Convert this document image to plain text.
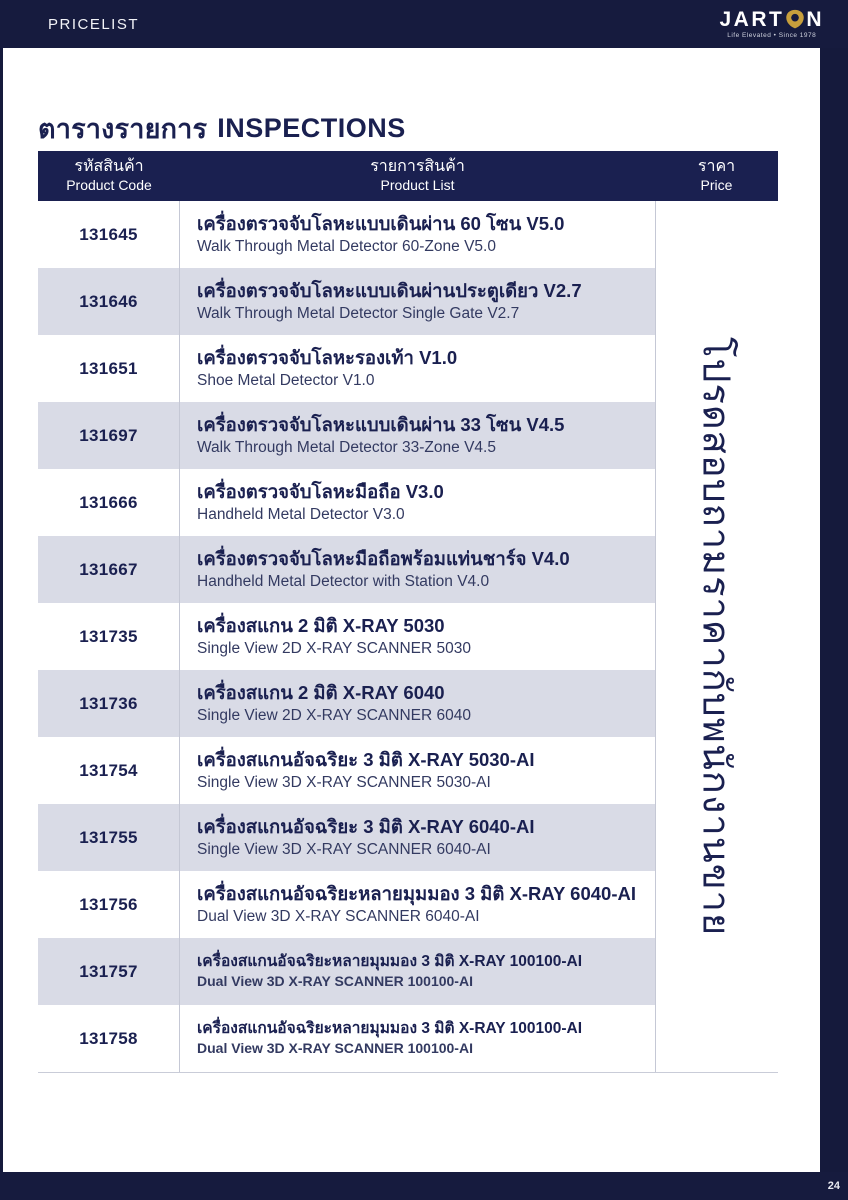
PRICELIST	JART N
Life Elevated • Since 1978
ตารางรายการ INSPECTIONS
รหัสสินค้า
Product Code
รายการสินค้า
Product List
ราคา
Price
131645	เครื่องตรวจจับโลหะแบบเดินผ่าน 60 โซน V5.0
Walk Through Metal Detector 60-Zone V5.0
131646	เครื่องตรวจจับโลหะแบบเดินผ่านประตูเดียว V2.7
Walk Through Metal Detector Single Gate V2.7
131651	เครื่องตรวจจับโลหะรองเท้า V1.0
Shoe Metal Detector V1.0
131697	เครื่องตรวจจับโลหะแบบเดินผ่าน 33 โซน V4.5
Walk Through Metal Detector 33-Zone V4.5
131666	เครื่องตรวจจับโลหะมือถือ V3.0
Handheld Metal Detector V3.0
131667	เครื่องตรวจจับโลหะมือถือพร้อมแท่นชาร์จ V4.0
Handheld Metal Detector with Station V4.0
131735	เครื่องสแกน 2 มิติ X-RAY 5030
Single View 2D X-RAY SCANNER 5030
131736	เครื่องสแกน 2 มิติ X-RAY 6040
Single View 2D X-RAY SCANNER 6040
131754	เครื่องสแกนอัจฉริยะ 3 มิติ X-RAY 5030-AI
Single View 3D X-RAY SCANNER 5030-AI
131755	เครื่องสแกนอัจฉริยะ 3 มิติ X-RAY 6040-AI
Single View 3D X-RAY SCANNER 6040-AI
131756	เครื่องสแกนอัจฉริยะหลายมุมมอง 3 มิติ X-RAY 6040-AI
Dual View 3D X-RAY SCANNER 6040-AI
131757	เครื่องสแกนอัจฉริยะหลายมุมมอง 3 มิติ X-RAY 100100-AI
Dual View 3D X-RAY SCANNER 100100-AI
131758	เครื่องสแกนอัจฉริยะหลายมุมมอง 3 มิติ X-RAY 100100-AI
Dual View 3D X-RAY SCANNER 100100-AI
โปรดสอบถามราคากับพนักงานขาย
24
